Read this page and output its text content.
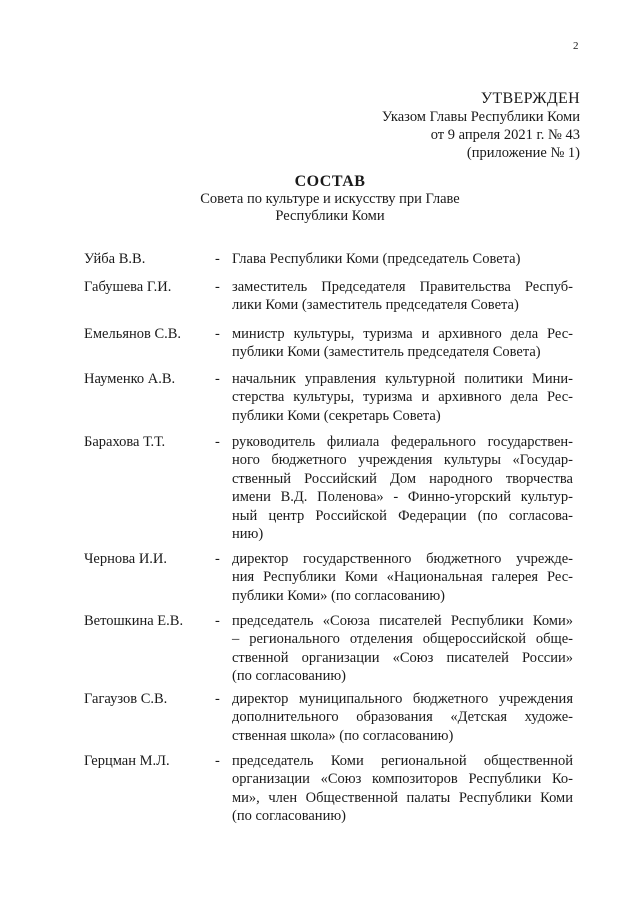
2
УТВЕРЖДЕН
Указом Главы Республики Коми
от 9 апреля 2021 г. № 43
(приложение № 1)
СОСТАВ
Совета по культуре и искусству при Главе
Республики Коми
Уйба В.В.	- Глава Республики Коми (председатель Совета)
Габушева Г.И.	- заместитель Председателя Правительства Респуб-
лики Коми (заместитель председателя Совета)
Емельянов С.В. - министр культуры, туризма и архивного дела Рес-
публики Коми (заместитель председателя Совета)
Науменко А.В.	- начальник управления культурной политики Мини-
стерства культуры, туризма и архивного дела Рес-
публики Коми (секретарь Совета)
Барахова Т.Т.	- руководитель филиала федерального государствен-
ного бюджетного учреждения культуры «Государ-
ственный Российский Дом народного творчества
имени В.Д. Поленова» - Финно-угорский культур-
ный центр Российской Федерации (по согласова-
нию)
Чернова И.И.	- директор государственного бюджетного учрежде-
ния Республики Коми «Национальная галерея Рес-
публики Коми» (по согласованию)
Ветошкина Е.В. - председатель «Союза писателей Республики Коми»
– регионального отделения общероссийской обще-
ственной организации «Союз писателей России»
(по согласованию)
Гагаузов С.В.	- директор муниципального бюджетного учреждения
дополнительного образования «Детская художе-
ственная школа» (по согласованию)
Герцман М.Л.	- председатель Коми региональной общественной
организации «Союз композиторов Республики Ко-
ми», член Общественной палаты Республики Коми
(по согласованию)
